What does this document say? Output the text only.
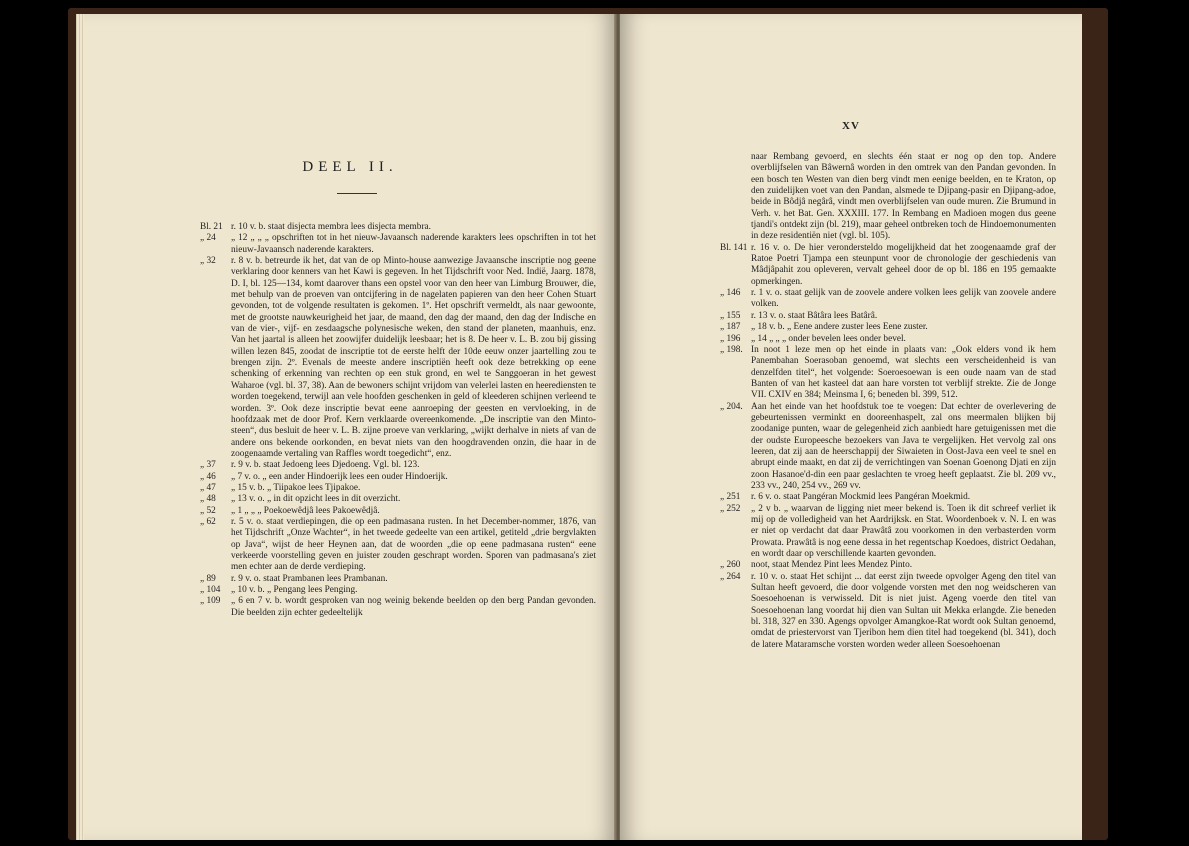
DEEL II.
Bl. 21 r. 10 v. b. staat disjecta membra lees disjecta membra.

„ 24 „ 12 „ „ „ opschriften tot in het nieuw-Javaansch naderende karakters lees opschriften in tot het nieuw-Javaansch naderende karakters.

„ 32 r. 8 v. b. betreurde ik het, dat van de op Minto-house aanwezige Javaansche inscriptie nog geene verklaring door kenners van het Kawi is gegeven. In het Tijdschrift voor Ned. Indië, Jaarg. 1878, D. I, bl. 125—134, komt daarover thans een opstel voor van den heer van Limburg Brouwer, die, met behulp van de proeven van ontcijfering in de nagelaten papieren van den heer Cohen Stuart gevonden, tot de volgende resultaten is gekomen. 1º. Het opschrift vermeldt, als naar gewoonte, met de grootste nauwkeurigheid het jaar, de maand, den dag der maand, den dag der Indische en van de vier-, vijf- en zesdaagsche polynesische weken, den stand der planeten, maanhuis, enz. Van het jaartal is alleen het zoowijfer duidelijk leesbaar; het is 8. De heer v. L. B. zou bij gissing willen lezen 845, zoodat de inscriptie tot de eerste helft der 10de eeuw onzer jaartelling zou te brengen zijn. 2º. Evenals de meeste andere inscriptiën heeft ook deze betrekking op eene schenking of erkenning van rechten op een stuk grond, en wel te Sanggoeran in het gewest Waharoe (vgl. bl. 37, 38). Aan de bewoners schijnt vrijdom van velerlei lasten en heerediensten te worden toegekend, terwijl aan vele hoofden geschenken in geld of kleederen schijnen verleend te worden. 3º. Ook deze inscriptie bevat eene aanroeping der geesten en vervloeking, in de hoofdzaak met de door Prof. Kern verklaarde overeenkomende. „De inscriptie van den Minto-steen“, dus besluit de heer v. L. B. zijne proeve van verklaring, „wijkt derhalve in niets af van de andere ons bekende oorkonden, en bevat niets van den hoogdravenden onzin, die haar in de zoogenaamde vertaling van Raffles wordt toegedicht“, enz.

„ 37 r. 9 v. b. staat Jedoeng lees Djedoeng. Vgl. bl. 123.

„ 46 „ 7 v. o. „ een ander Hindoerijk lees een ouder Hindoerijk.

„ 47 „ 15 v. b. „ Tiipakoe lees Tjipakoe.

„ 48 „ 13 v. o. „ in dit opzicht lees in dit overzicht.

„ 52 „ 1 „ „ „ Poekoewêdjâ lees Pakoewêdjâ.

„ 62 r. 5 v. o. staat verdiepingen, die op een padmasana rusten. In het December-nommer, 1876, van het Tijdschrift „Onze Wachter“, in het tweede gedeelte van een artikel, getiteld „drie bergvlakten op Java“, wijst de heer Heynen aan, dat de woorden „die op eene padmasana rusten“ eene verkeerde voorstelling geven en juister zouden geschrapt worden. Sporen van padmasana's ziet men echter aan de derde verdieping.

„ 89 r. 9 v. o. staat Prambanen lees Prambanan.

„ 104 „ 10 v. b. „ Pengang lees Penging.

„ 109 „ 6 en 7 v. b. wordt gesproken van nog weinig bekende beelden op den berg Pandan gevonden. Die beelden zijn echter gedeeltelijk

XV

naar Rembang gevoerd, en slechts één staat er nog op den top. Andere overblijfselen van Bâwernâ worden in den omtrek van den Pandan gevonden. In een bosch ten Westen van dien berg vindt men eenige beelden, en te Kraton, op den zuidelijken voet van den Pandan, alsmede te Djipang-pasir en Djipang-adoe, beide in Bôdjâ negârâ, vindt men overblijfselen van oude muren. Zie Brumund in Verh. v. het Bat. Gen. XXXIII. 177. In Rembang en Madioen mogen dus geene tjandi's ontdekt zijn (bl. 219), maar geheel ontbreken toch de Hindoemonumenten in deze residentiën niet (vgl. bl. 105).

Bl. 141 r. 16 v. o. De hier verondersteldo mogelijkheid dat het zoogenaamde graf der Ratoe Poetri Tjampa een steunpunt voor de chronologie der geschiedenis van Mâdjâpahit zou opleveren, vervalt geheel door de op bl. 186 en 195 gemaakte opmerkingen.

„ 146 r. 1 v. o. staat gelijk van de zoovele andere volken lees gelijk van zoovele andere volken.

„ 155 r. 13 v. o. staat Bâtâra lees Batârâ.

„ 187 „ 18 v. b. „ Eene andere zuster lees Eene zuster.

„ 196 „ 14 „ „ „ onder bevelen lees onder bevel.

„ 198. In noot 1 leze men op het einde in plaats van: „Ook elders vond ik hem Panembahan Soerasoban genoemd, wat slechts een verscheidenheid is van denzelfden titel“, het volgende: Soeroesoewan is een oude naam van de stad Banten of van het kasteel dat aan hare vorsten tot verblijf strekte. Zie de Jonge VII. CXIV en 384; Meinsma I, 6; beneden bl. 399, 512.

„ 204. Aan het einde van het hoofdstuk toe te voegen: Dat echter de overlevering de gebeurtenissen verminkt en dooreenhaspelt, zal ons meermalen blijken bij zoodanige punten, waar de gelegenheid zich aanbiedt hare getuigenissen met die der oudste Europeesche bezoekers van Java te vergelijken. Het vervolg zal ons leeren, dat zij aan de heerschappij der Siwaieten in Oost-Java een veel te snel en abrupt einde maakt, en dat zij de verrichtingen van Soenan Goenong Djati en zijn zoon Hasanoe'd-din een paar geslachten te vroeg heeft geplaatst. Zie bl. 209 vv., 233 vv., 240, 254 vv., 269 vv.

„ 251 r. 6 v. o. staat Pangéran Mockmid lees Pangéran Moekmid.

„ 252 „ 2 v b. „ waarvan de ligging niet meer bekend is. Toen ik dit schreef verliet ik mij op de volledigheid van het Aardrijksk. en Stat. Woordenboek v. N. I. en was er niet op verdacht dat daar Prawâtâ zou voorkomen in den verbasterden vorm Prowata. Prawâtâ is nog eene dessa in het regentschap Koedoes, district Oedahan, en wordt daar op verschillende kaarten gevonden.

„ 260 noot, staat Mendez Pint lees Mendez Pinto.

„ 264 r. 10 v. o. staat Het schijnt ... dat eerst zijn tweede opvolger Ageng den titel van Sultan heeft gevoerd, die door volgende vorsten met den nog weidscheren van Soesoehoenan is verwisseld. Dit is niet juist. Ageng voerde den titel van Soesoehoenan lang voordat hij dien van Sultan uit Mekka erlangde. Zie beneden bl. 318, 327 en 330. Agengs opvolger Amangkoe-Rat wordt ook Sultan genoemd, omdat de priestervorst van Tjeribon hem dien titel had toegekend (bl. 341), doch de latere Mataramsche vorsten worden weder alleen Soesoehoenan
